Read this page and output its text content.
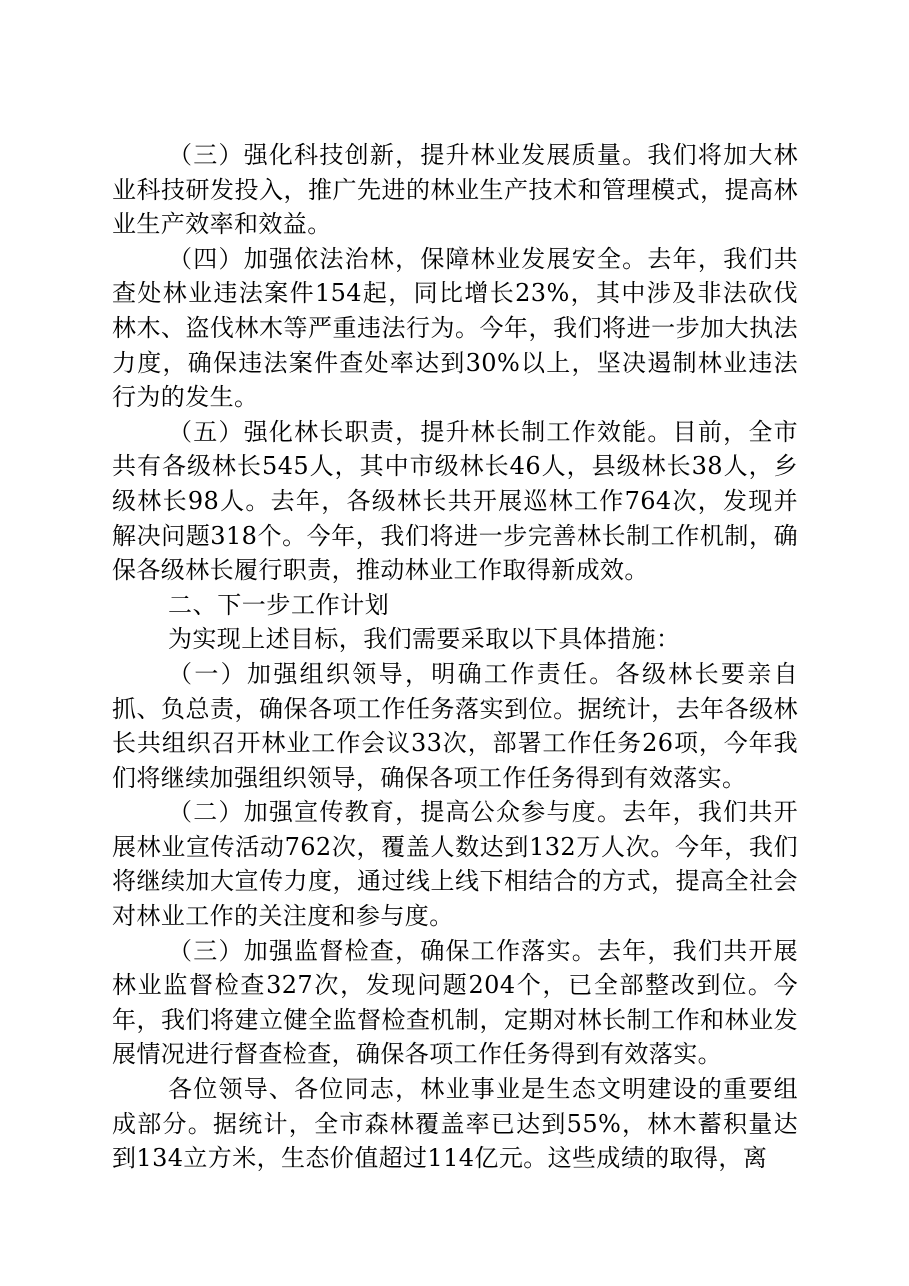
（三）强化科技创新，提升林业发展质量。我们将加大林业科技研发投入，推广先进的林业生产技术和管理模式，提高林业生产效率和效益。

（四）加强依法治林，保障林业发展安全。去年，我们共查处林业违法案件154起，同比增长23%，其中涉及非法砍伐林木、盗伐林木等严重违法行为。今年，我们将进一步加大执法力度，确保违法案件查处率达到30%以上，坚决遏制林业违法行为的发生。

（五）强化林长职责，提升林长制工作效能。目前，全市共有各级林长545人，其中市级林长46人，县级林长38人，乡级林长98人。去年，各级林长共开展巡林工作764次，发现并解决问题318个。今年，我们将进一步完善林长制工作机制，确保各级林长履行职责，推动林业工作取得新成效。

二、下一步工作计划

为实现上述目标，我们需要采取以下具体措施：

（一）加强组织领导，明确工作责任。各级林长要亲自抓、负总责，确保各项工作任务落实到位。据统计，去年各级林长共组织召开林业工作会议33次，部署工作任务26项，今年我们将继续加强组织领导，确保各项工作任务得到有效落实。

（二）加强宣传教育，提高公众参与度。去年，我们共开展林业宣传活动762次，覆盖人数达到132万人次。今年，我们将继续加大宣传力度，通过线上线下相结合的方式，提高全社会对林业工作的关注度和参与度。

（三）加强监督检查，确保工作落实。去年，我们共开展林业监督检查327次，发现问题204个，已全部整改到位。今年，我们将建立健全监督检查机制，定期对林长制工作和林业发展情况进行督查检查，确保各项工作任务得到有效落实。

各位领导、各位同志，林业事业是生态文明建设的重要组成部分。据统计，全市森林覆盖率已达到55%，林木蓄积量达到134立方米，生态价值超过114亿元。这些成绩的取得，离
